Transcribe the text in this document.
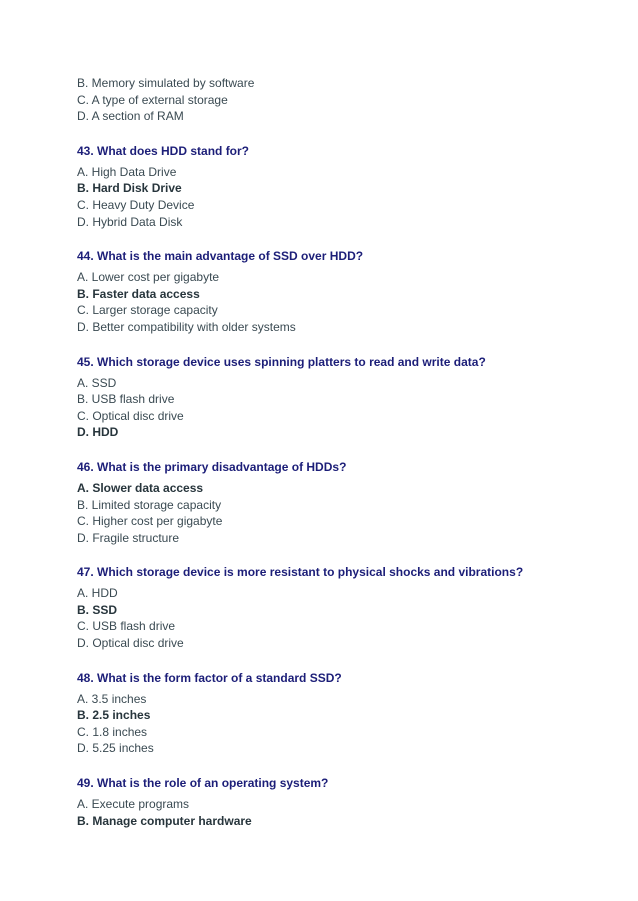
B. Memory simulated by software
C. A type of external storage
D. A section of RAM
43. What does HDD stand for?
A. High Data Drive
B. Hard Disk Drive
C. Heavy Duty Device
D. Hybrid Data Disk
44. What is the main advantage of SSD over HDD?
A. Lower cost per gigabyte
B. Faster data access
C. Larger storage capacity
D. Better compatibility with older systems
45. Which storage device uses spinning platters to read and write data?
A. SSD
B. USB flash drive
C. Optical disc drive
D. HDD
46. What is the primary disadvantage of HDDs?
A. Slower data access
B. Limited storage capacity
C. Higher cost per gigabyte
D. Fragile structure
47. Which storage device is more resistant to physical shocks and vibrations?
A. HDD
B. SSD
C. USB flash drive
D. Optical disc drive
48. What is the form factor of a standard SSD?
A. 3.5 inches
B. 2.5 inches
C. 1.8 inches
D. 5.25 inches
49. What is the role of an operating system?
A. Execute programs
B. Manage computer hardware
